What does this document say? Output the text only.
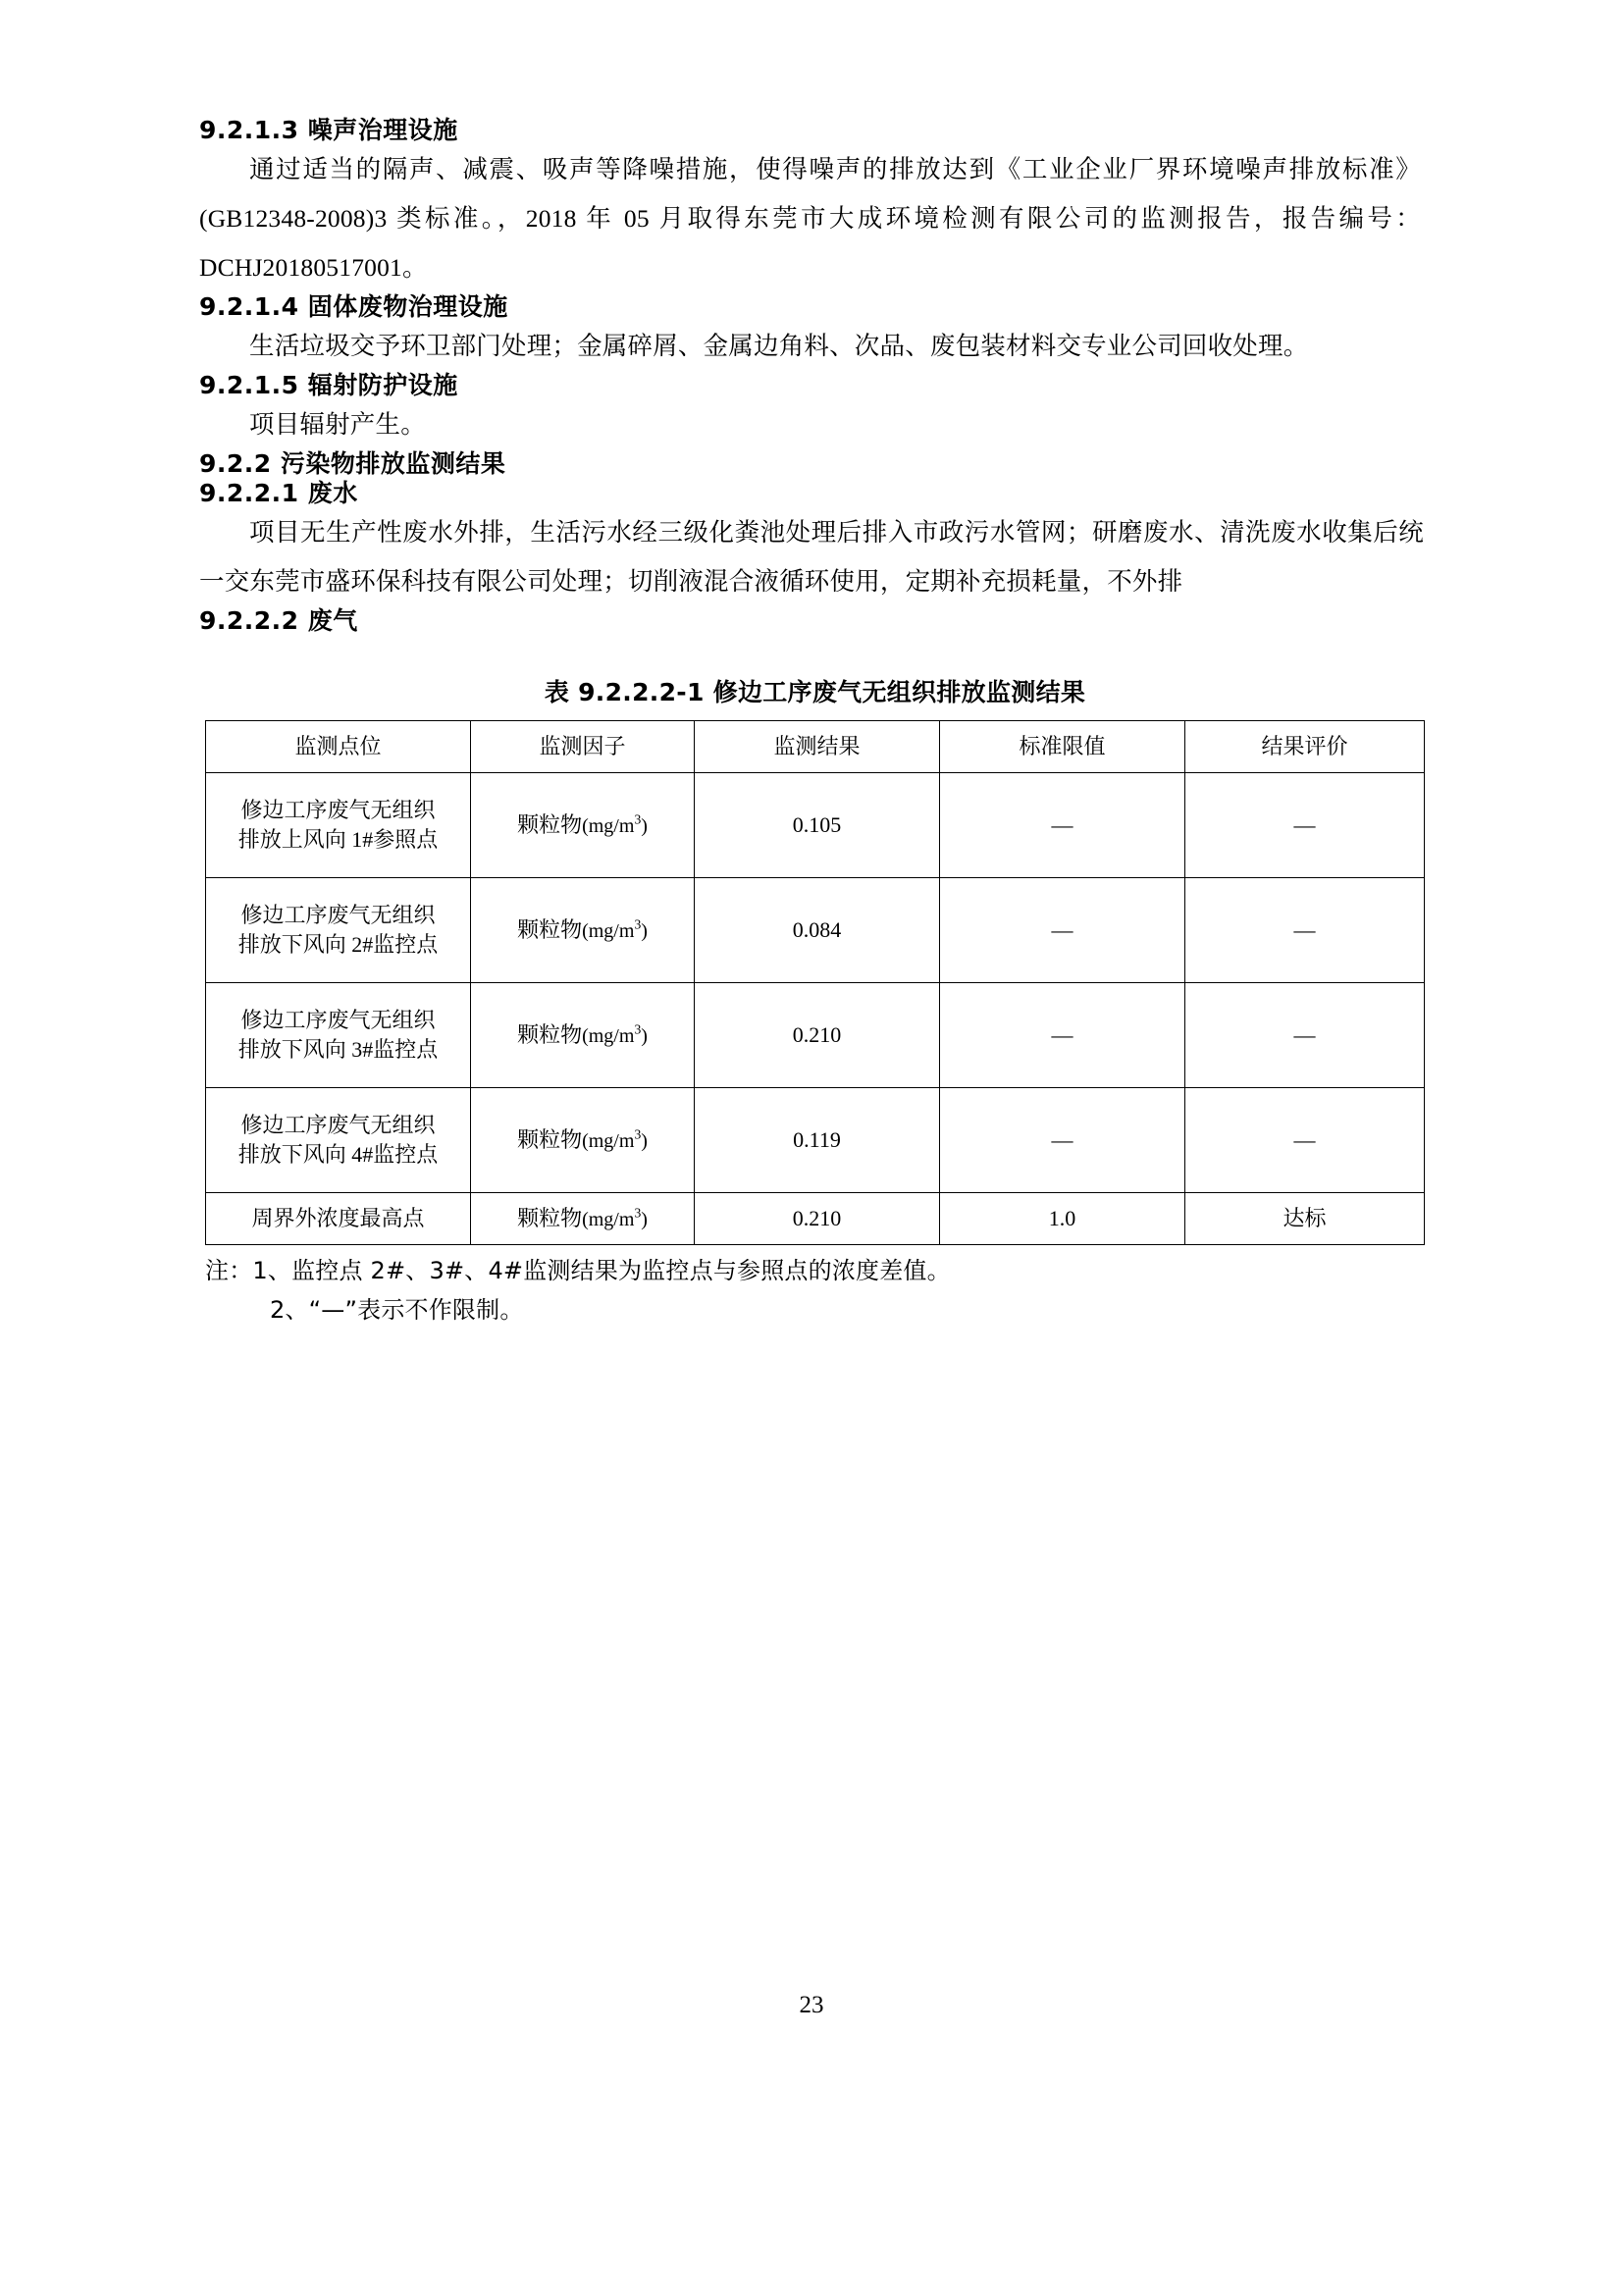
9.2.1.3 噪声治理设施

通过适当的隔声、减震、吸声等降噪措施，使得噪声的排放达到《工业企业厂界环境噪声排放标准》(GB12348-2008)3 类标准。，2018 年 05 月取得东莞市大成环境检测有限公司的监测报告，报告编号：DCHJ20180517001。

9.2.1.4 固体废物治理设施

生活垃圾交予环卫部门处理；金属碎屑、金属边角料、次品、废包装材料交专业公司回收处理。

9.2.1.5 辐射防护设施

项目辐射产生。

9.2.2 污染物排放监测结果
9.2.2.1 废水

项目无生产性废水外排，生活污水经三级化粪池处理后排入市政污水管网；研磨废水、清洗废水收集后统一交东莞市盛环保科技有限公司处理；切削液混合液循环使用，定期补充损耗量，不外排

9.2.2.2 废气
表 9.2.2.2-1 修边工序废气无组织排放监测结果
监测点位	监测因子	监测结果	标准限值	结果评价

修边工序废气无组织
排放上风向 1#参照点	颗粒物$(mg/m^3)$	0.105	—	—

修边工序废气无组织
排放下风向 2#监控点	颗粒物$(mg/m^3)$	0.084	—	—

修边工序废气无组织
排放下风向 3#监控点	颗粒物$(mg/m^3)$	0.210	—	—

修边工序废气无组织
排放下风向 4#监控点	颗粒物$(mg/m^3)$	0.119	—	—
周界外浓度最高点	颗粒物$(mg/m^3)$	0.210	1.0	达标
注：1、监控点 2#、3#、4#监测结果为监控点与参照点的浓度差值。
2、“—”表示不作限制。
23
